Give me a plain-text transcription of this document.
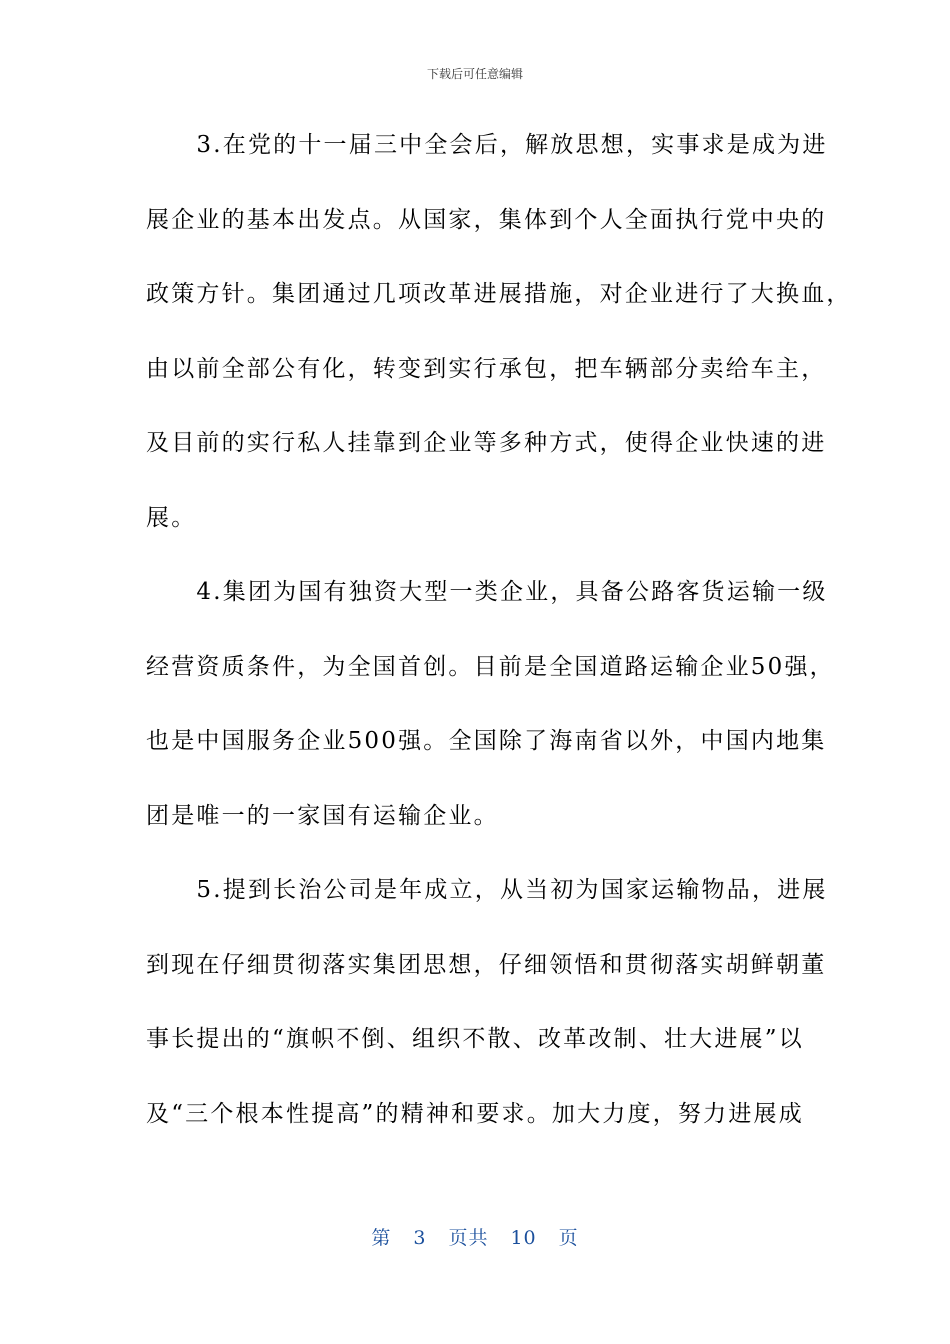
下载后可任意编辑
　　3.在党的十一届三中全会后，解放思想，实事求是成为进
展企业的基本出发点。从国家，集体到个人全面执行党中央的
政策方针。集团通过几项改革进展措施，对企业进行了大换血，
由以前全部公有化，转变到实行承包，把车辆部分卖给车主，
及目前的实行私人挂靠到企业等多种方式，使得企业快速的进
展。
　　4.集团为国有独资大型一类企业，具备公路客货运输一级
经营资质条件，为全国首创。目前是全国道路运输企业50强，
也是中国服务企业500强。全国除了海南省以外，中国内地集
团是唯一的一家国有运输企业。
　　5.提到长治公司是年成立，从当初为国家运输物品，进展
到现在仔细贯彻落实集团思想，仔细领悟和贯彻落实胡鲜朝董
事长提出的“旗帜不倒、组织不散、改革改制、壮大进展”以
及“三个根本性提高”的精神和要求。加大力度，努力进展成
第 3 页共 10 页
